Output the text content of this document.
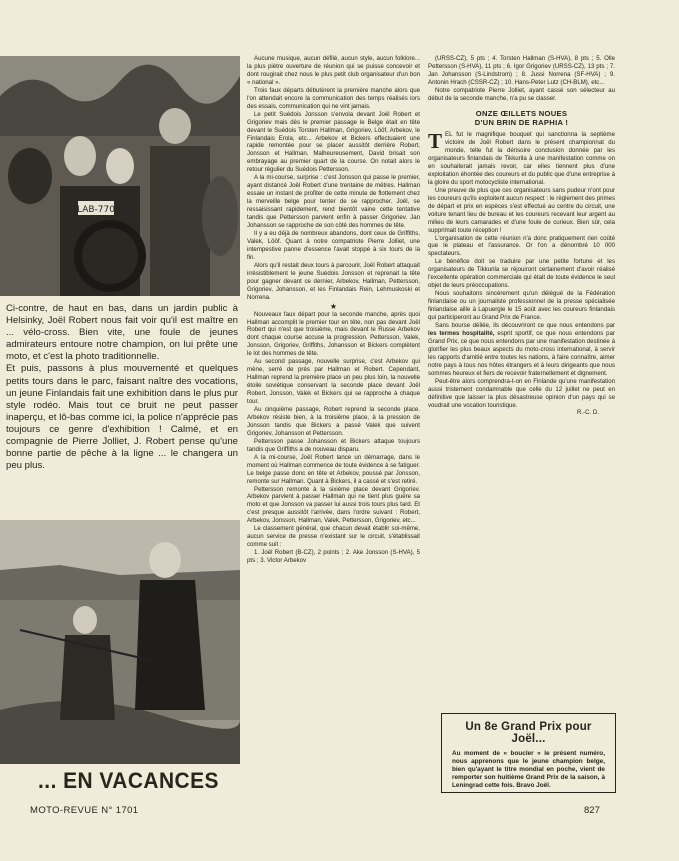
LAB-770

Ci-contre, de haut en bas, dans un jardin public à Helsinky, Joël Robert nous fait voir qu'il est maître en ... vélo-cross. Bien vite, une foule de jeunes admirateurs entoure notre champion, on lui prête une moto, et c'est la photo traditionnelle.

Et puis, passons à plus mouvementé et quelques petits tours dans le parc, faisant naître des vocations, un jeune Finlandais fait une exhibition dans le plus pur style rodéo. Mais tout ce bruit ne peut passer inaperçu, et lô-bas comme ici, la police n'apprécie pas toujours ce genre d'exhibition ! Calmé, et en compagnie de Pierre Jolliet, J. Robert pense qu'une bonne partie de pêche à la ligne ... le changera un peu plus.

... EN VACANCES
MOTO-REVUE N° 1701	827

Aucune musique, aucun défilé, aucun style, aucun folklore... la plus piètre ouverture de réunion qui se puisse concevoir et dont rougirait chez nous le plus petit club organisateur d'un bon « national ».

Trois faux départs débutèrent la première manche alors que l'on attendait encore la communication des temps réalisés lors des essais, communication qui ne vint jamais.

Le petit Suédois Jonsson s'envola devant Joël Robert et Grigoriev mais dès le premier passage le Belge était en tête devant le Suédois Torsten Hallman, Grigoriev, Lööf, Arbekov, le Finlandais Erola, etc... Arbekov et Bickers effectuaient une rapide remontée pour se placer aussitôt derrière Robert, Jonsson et Hallman. Malheureusement, David brisait son embrayage au premier quart de la course. On notait alors le retour régulier du Suédois Pettersson.

A la mi-course, surprise : c'est Jonsson qui passe le premier, ayant distancé Joël Robert d'une trentaine de mètres. Hallman essaie un instant de profiter de cette minute de flottement chez la merveille belge pour tenter de se rapprocher. Joël, se ressaisissant rapidement, rend bientôt vaine cette tentative tandis que Pettersson parvient enfin à passer Grigoriev. Jan Johansson se rapproche de son côté des hommes de tête.

Il y a eu déjà de nombreux abandons, dont ceux de Griffiths, Valek, Lööf. Quant à notre compatriote Pierre Jolliet, une intempestive panne d'essence l'avait stoppé à six tours de la fin.

Alors qu'il restait deux tours à parcourir, Joël Robert attaquait irrésistiblement le jeune Suédois Jonsson et reprenait la tête pour gagner devant ce dernier, Arbekov, Hallman, Pettersson, Grigoriev, Johansson, et les Finlandais Rein, Lehmuskoski et Norrena.

★

Nouveaux faux départ pour la seconde manche, après quoi Hallman accomplit le premier tour en tête, non pas devant Joël Robert qui n'est que troisième, mais devant le Russe Arbekov dont chaque course accuse la progression. Pettersson, Valek, Jonsson, Grigoriev, Griffiths, Johansson et Bickers complètent le lot des hommes de tête.

Au second passage, nouvelle surprise, c'est Arbekov qui mène, serré de près par Hallman et Robert. Cependant, Hallman reprend la première place un peu plus loin, la nouvelle étoile soviétique conservant la seconde place devant Joël Robert, Jonsson, Valek et Bickers qui se rapproche à chaque tour.

Au cinquième passage, Robert reprend la seconde place. Arbekov résiste bien, à la troisième place, à la pression de Jonsson tandis que Bickers a passé Valek que suivent Grigoriev, Johansson et Pettersson.

Pettersson passe Johansson et Bickers attaque toujours tandis que Griffiths a de nouveau disparu.

A la mi-course, Joël Robert lance un démarrage, dans le moment où Hallman commence de toute évidence à se fatiguer. Le belge passe donc en tête et Arbekov, poussé par Jonsson, remonte sur Hallman. Quant à Bickers, il a cassé et s'est retiré.

Pettersson remonte à la sixième place devant Grigoriev. Arbekov parvient à passer Hallman qui ne tient plus guère sa moto et que Jonsson va passer lui aussi trois tours plus tard. Et c'est presque aussitôt l'arrivée, dans l'ordre suivant : Robert, Arbekov, Jonsson, Hallman, Valek, Pettersson, Grigoriev, etc...

Le classement général, que chacun devait établir soi-même, aucun service de presse n'existant sur le circuit, s'établissait comme suit :

1. Joël Robert (B-CZ), 2 points ; 2. Ake Jonsson (S-HVA), 5 pts ; 3. Victor Arbekov

(URSS-CZ), 5 pts ; 4. Torsten Hallman (S-HVA), 8 pts ; 5. Olle Pettersson (S-HVA), 11 pts ; 6. Igor Grigoriev (URSS-CZ), 13 pts ; 7. Jan Johansson (S-Lindstrom) ; 8. Jussi Norrena (SF-HVA) ; 9. Antonin Hrach (CSSR-CZ) ; 10. Hans-Peter Lutz (CH-BLM), etc...

Notre compatriote Pierre Jolliet, ayant cassé son sélecteur au début de la seconde manche, n'a pu se classer.

ONZE ŒILLETS NOUES
D'UN BRIN DE RAPHIA !

TEL fut le magnifique bouquet qui sanctionna la septième victoire de Joël Robert dans le présent championnat du monde, telle fut la dérisoire conclusion donnée par les organisateurs finlandais de Tikkurila à une manifestation comme on en souhaiterait jamais revoir, car elles tiennent plus d'une exploitation éhontée des coureurs et du public que d'une entreprise à la gloire du sport motocycliste international.

Une preuve de plus que ces organisateurs sans pudeur n'ont pour les coureurs qu'ils exploitent aucun respect : le règlement des primes de départ et prix en espèces s'est effectué au centre du circuit, une voiture tenant lieu de bureau et les coureurs recevant leur argent au milieu de leurs camarades et d'une foule de curieux. Bien sûr, cela supprimait toute réception !

L'organisation de cette réunion n'a donc pratiquement rien coûté que le plateau et l'assurance. Or l'on a dénombré 10 000 spectateurs.

Le bénéfice doit se traduire par une petite fortune et les organisateurs de Tikkurila se réjouiront certainement d'avoir réalisé l'excellente opération commerciale qui était de toute évidence le seul objet de leurs préoccupations.

Nous souhaitons sincèrement qu'un délégué de la Fédération finlandaise ou un journaliste professionnel de la presse spécialisée finlandaise aille à Lapuergie le 15 août avec les coureurs finlandais qui participeront au Grand Prix de France.

Sans bourse déliée, ils découvriront ce que nous entendons par les termes hospitalité, esprit sportif, ce que nous entendons par Grand Prix, ce que nous entendons par une manifestation destinée à glorifier les plus beaux aspects du moto-cross international, à servir les rapports d'amitié entre toutes les nations, à faire connaître, aimer notre pays à tous nos hôtes étrangers et à leurs dirigeants que nous sommes heureux et fiers de recevoir fraternellement et dignement.

Peut-être alors comprendra-t-on en Finlande qu'une manifestation aussi tristement condamnable que celle du 12 juillet ne peut en définitive que laisser la plus désastreuse opinion d'un pays qui se voudrait une vocation touristique.

R.-C. D.

Un 8e Grand Prix pour Joël...
Au moment de « boucler » le présent numéro, nous apprenons que le jeune champion belge, bien qu'ayant le titre mondial en poche, vient de remporter son huitième Grand Prix de la saison, à Leningrad cette fois. Bravo Joël.
